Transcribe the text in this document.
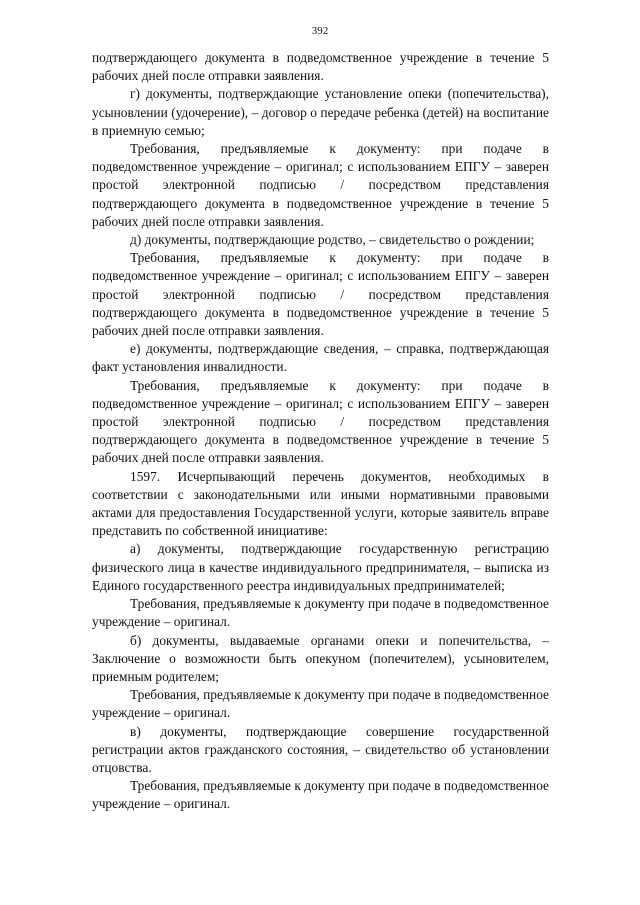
392

подтверждающего документа в подведомственное учреждение в течение 5 рабочих дней после отправки заявления.

г) документы, подтверждающие установление опеки (попечительства), усыновлении (удочерение), – договор о передаче ребенка (детей) на воспитание в приемную семью;

Требования, предъявляемые к документу: при подаче в подведомственное учреждение – оригинал; с использованием ЕПГУ – заверен простой электронной подписью / посредством представления подтверждающего документа в подведомственное учреждение в течение 5 рабочих дней после отправки заявления.

д) документы, подтверждающие родство, – свидетельство о рождении;

Требования, предъявляемые к документу: при подаче в подведомственное учреждение – оригинал; с использованием ЕПГУ – заверен простой электронной подписью / посредством представления подтверждающего документа в подведомственное учреждение в течение 5 рабочих дней после отправки заявления.

е) документы, подтверждающие сведения, – справка, подтверждающая факт установления инвалидности.

Требования, предъявляемые к документу: при подаче в подведомственное учреждение – оригинал; с использованием ЕПГУ – заверен простой электронной подписью / посредством представления подтверждающего документа в подведомственное учреждение в течение 5 рабочих дней после отправки заявления.

1597. Исчерпывающий перечень документов, необходимых в соответствии с законодательными или иными нормативными правовыми актами для предоставления Государственной услуги, которые заявитель вправе представить по собственной инициативе:

а) документы, подтверждающие государственную регистрацию физического лица в качестве индивидуального предпринимателя, – выписка из Единого государственного реестра индивидуальных предпринимателей;

Требования, предъявляемые к документу при подаче в подведомственное учреждение – оригинал.

б) документы, выдаваемые органами опеки и попечительства, – Заключение о возможности быть опекуном (попечителем), усыновителем, приемным родителем;

Требования, предъявляемые к документу при подаче в подведомственное учреждение – оригинал.

в) документы, подтверждающие совершение государственной регистрации актов гражданского состояния, – свидетельство об установлении отцовства.

Требования, предъявляемые к документу при подаче в подведомственное учреждение – оригинал.
